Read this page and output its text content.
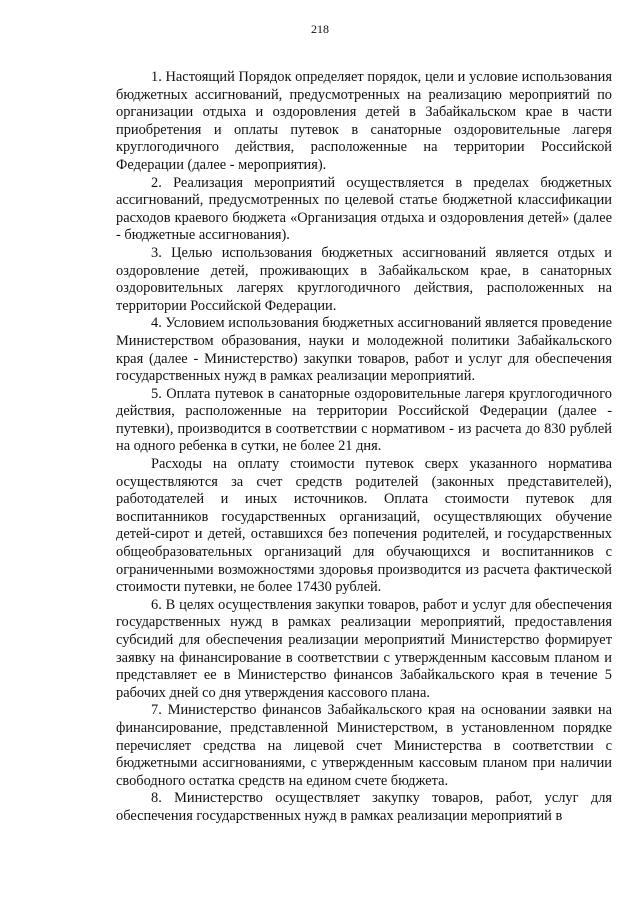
218

1. Настоящий Порядок определяет порядок, цели и условие использования бюджетных ассигнований, предусмотренных на реализацию мероприятий по организации отдыха и оздоровления детей в Забайкальском крае в части приобретения и оплаты путевок в санаторные оздоровительные лагеря круглогодичного действия, расположенные на территории Российской Федерации (далее - мероприятия).

2. Реализация мероприятий осуществляется в пределах бюджетных ассигнований, предусмотренных по целевой статье бюджетной классификации расходов краевого бюджета «Организация отдыха и оздоровления детей» (далее - бюджетные ассигнования).

3. Целью использования бюджетных ассигнований является отдых и оздоровление детей, проживающих в Забайкальском крае, в санаторных оздоровительных лагерях круглогодичного действия, расположенных на территории Российской Федерации.

4. Условием использования бюджетных ассигнований является проведение Министерством образования, науки и молодежной политики Забайкальского края (далее - Министерство) закупки товаров, работ и услуг для обеспечения государственных нужд в рамках реализации мероприятий.

5. Оплата путевок в санаторные оздоровительные лагеря круглогодичного действия, расположенные на территории Российской Федерации (далее - путевки), производится в соответствии с нормативом - из расчета до 830 рублей на одного ребенка в сутки, не более 21 дня.

Расходы на оплату стоимости путевок сверх указанного норматива осуществляются за счет средств родителей (законных представителей), работодателей и иных источников. Оплата стоимости путевок для воспитанников государственных организаций, осуществляющих обучение детей-сирот и детей, оставшихся без попечения родителей, и государственных общеобразовательных организаций для обучающихся и воспитанников с ограниченными возможностями здоровья производится из расчета фактической стоимости путевки, не более 17430 рублей.

6. В целях осуществления закупки товаров, работ и услуг для обеспечения государственных нужд в рамках реализации мероприятий, предоставления субсидий для обеспечения реализации мероприятий Министерство формирует заявку на финансирование в соответствии с утвержденным кассовым планом и представляет ее в Министерство финансов Забайкальского края в течение 5 рабочих дней со дня утверждения кассового плана.

7. Министерство финансов Забайкальского края на основании заявки на финансирование, представленной Министерством, в установленном порядке перечисляет средства на лицевой счет Министерства в соответствии с бюджетными ассигнованиями, с утвержденным кассовым планом при наличии свободного остатка средств на едином счете бюджета.

8. Министерство осуществляет закупку товаров, работ, услуг для обеспечения государственных нужд в рамках реализации мероприятий в
